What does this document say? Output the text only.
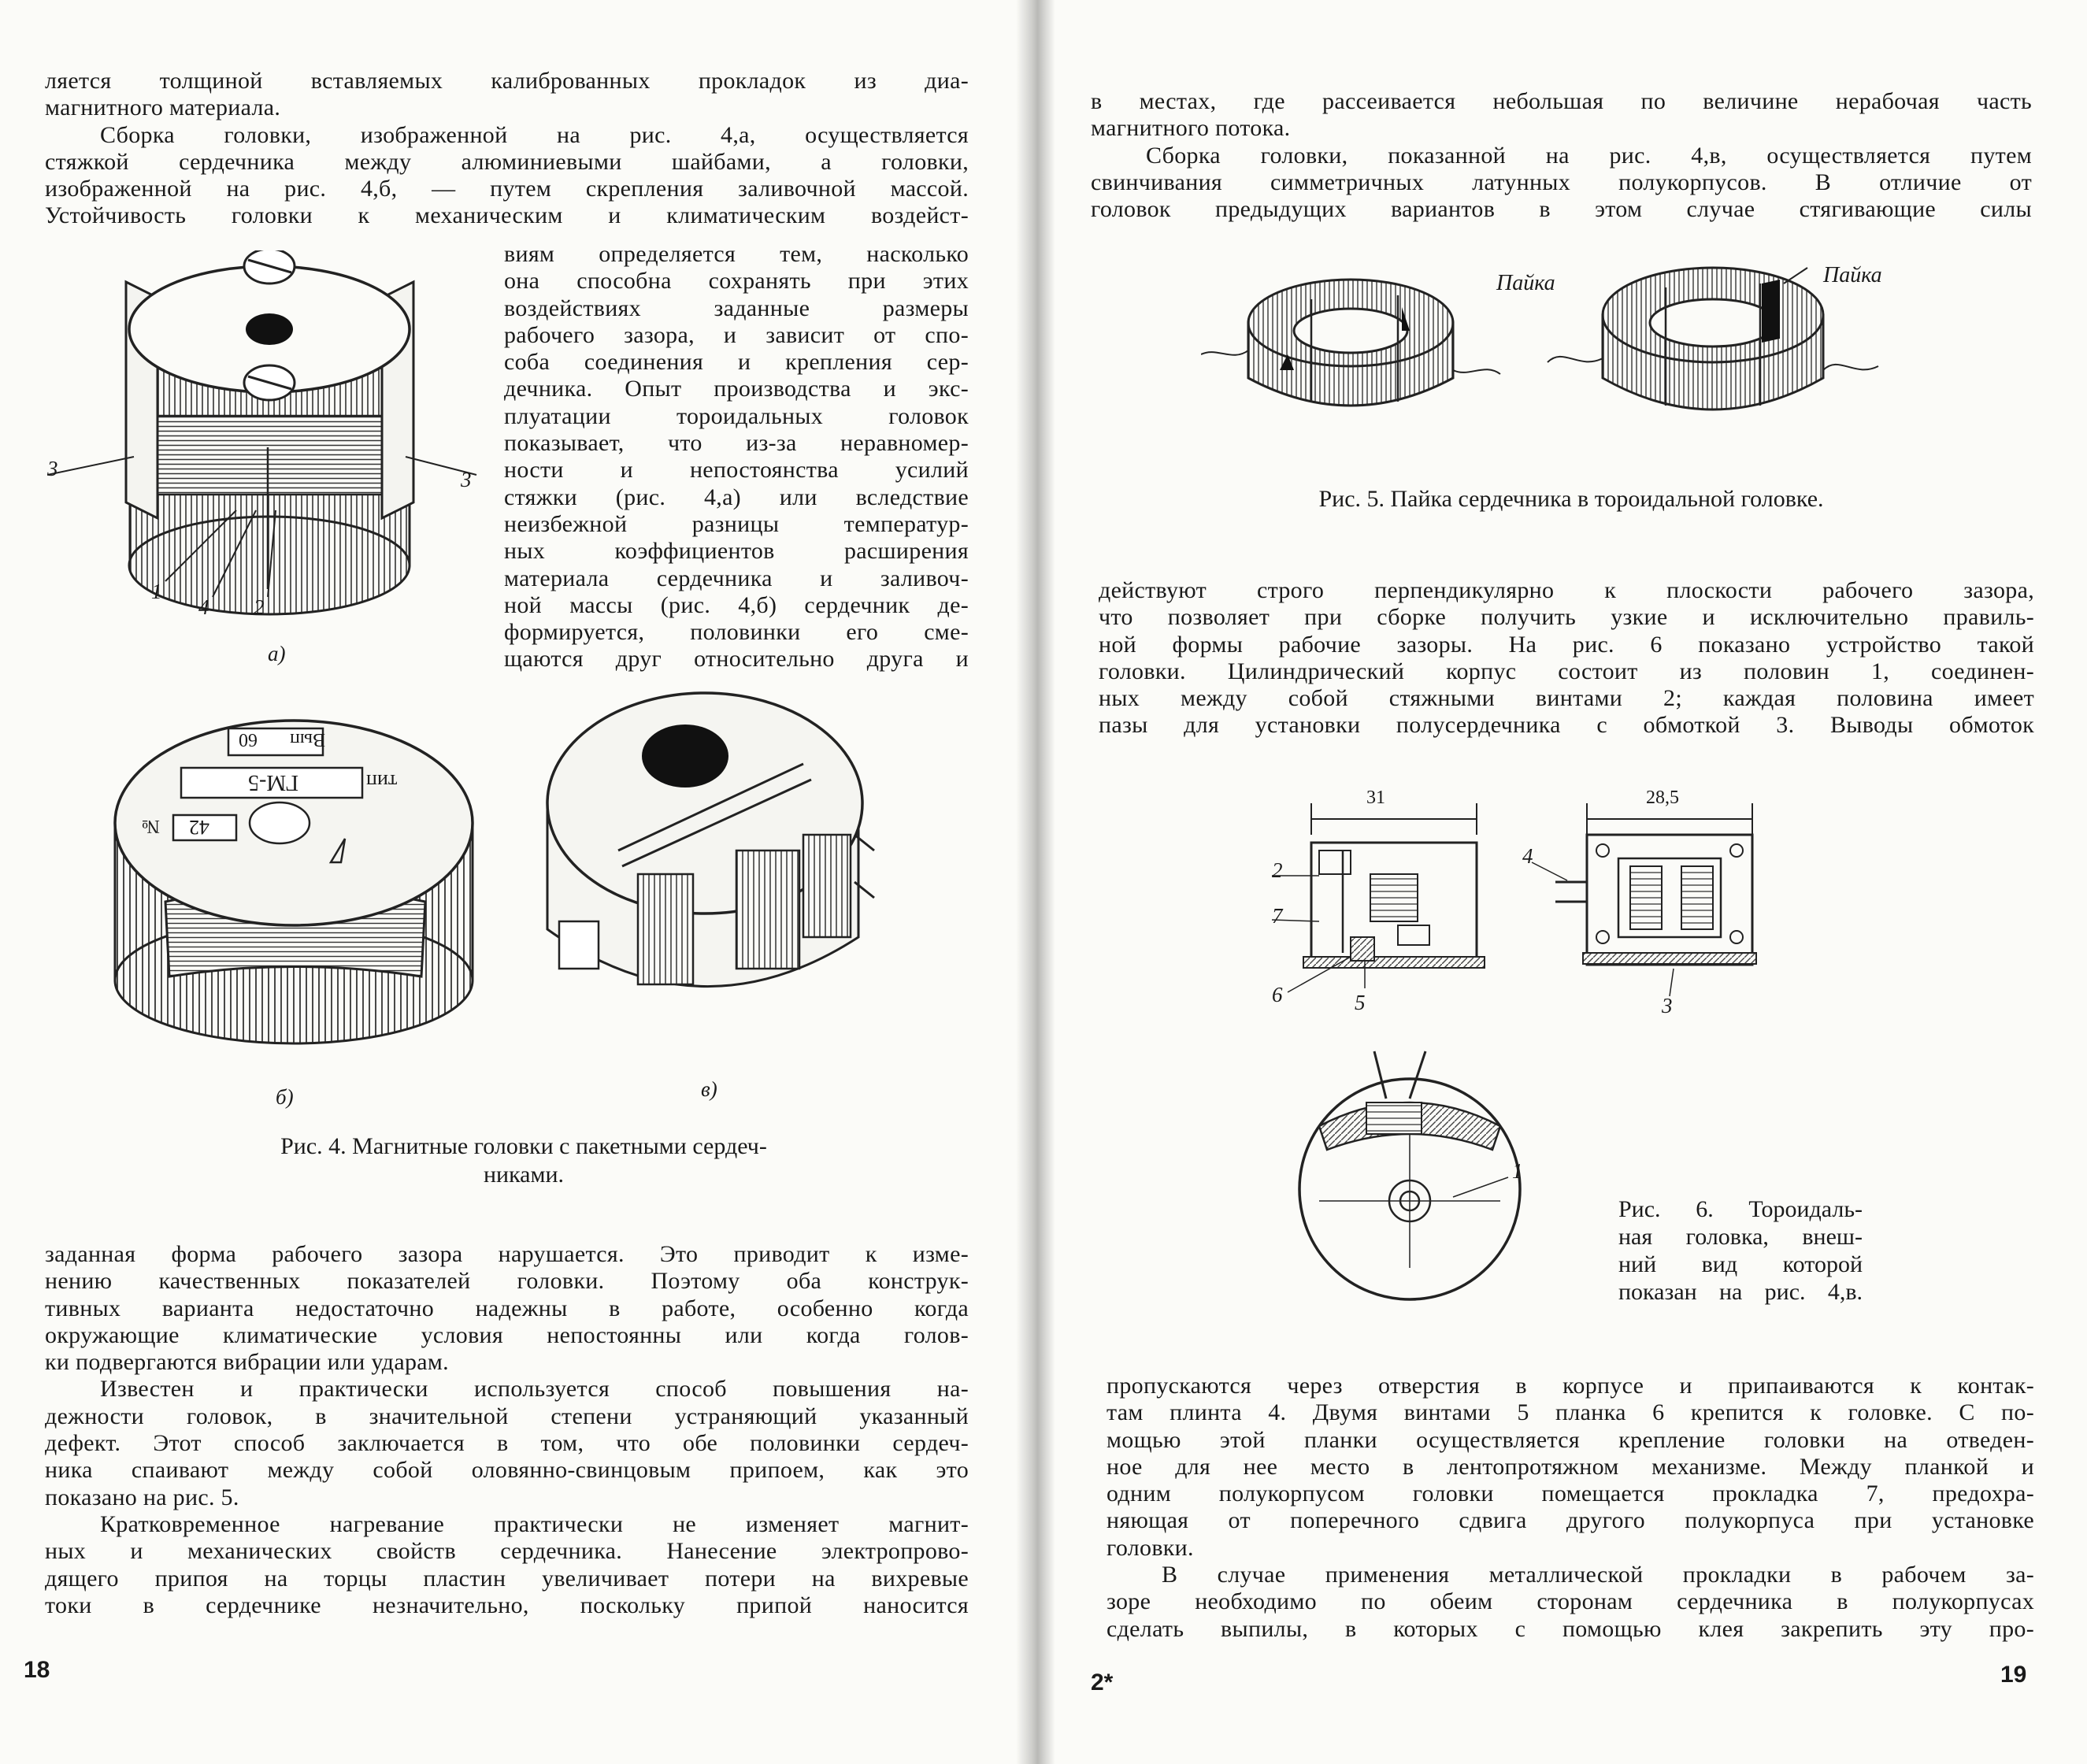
ляется толщиной вставляемых калиброванных прокладок из диа-

магнитного материала.

Сборка головки, изображенной на рис. 4,а, осуществляется

стяжкой сердечника между алюминиевыми шайбами, а головки,

изображенной на рис. 4,б, — путем скрепления заливочной массой.

Устойчивость головки к механическим и климатическим воздейст-

виям определяется тем, насколько

она способна сохранять при этих

воздействиях заданные размеры

рабочего зазора, и зависит от спо-

соба соединения и крепления сер-

дечника. Опыт производства и экс-

плуатации тороидальных головок

показывает, что из-за неравномер-

ности и непостоянства усилий

стяжки (рис. 4,а) или вследствие

неизбежной разницы температур-

ных коэффициентов расширения

материала сердечника и заливоч-

ной массы (рис. 4,б) сердечник де-

формируется, половинки его сме-

щаются друг относительно друга и

3	3
1
4 2
а)
Вып
60
ГМ-5	тип
42
№
б)	в)
Рис. 4. Магнитные головки с пакетными сердеч-
никами.

заданная форма рабочего зазора нарушается. Это приводит к изме-

нению качественных показателей головки. Поэтому оба конструк-

тивных варианта недостаточно надежны в работе, особенно когда

окружающие климатические условия непостоянны или когда голов-

ки подвергаются вибрации или ударам.

Известен и практически используется способ повышения на-

дежности головок, в значительной степени устраняющий указанный

дефект. Этот способ заключается в том, что обе половинки сердеч-

ника спаивают между собой оловянно-свинцовым припоем, как это

показано на рис. 5.

Кратковременное нагревание практически не изменяет магнит-

ных и механических свойств сердечника. Нанесение электропрово-

дящего припоя на торцы пластин увеличивает потери на вихревые

токи в сердечнике незначительно, поскольку припой наносится

18

в местах, где рассеивается небольшая по величине нерабочая часть

магнитного потока.

Сборка головки, показанной на рис. 4,в, осуществляется путем

свинчивания симметричных латунных полукорпусов. В отличие от

головок предыдущих вариантов в этом случае стягивающие силы

Пайка	Пайка
Рис. 5. Пайка сердечника в тороидальной головке.

действуют строго перпендикулярно к плоскости рабочего зазора,

что позволяет при сборке получить узкие и исключительно правиль-

ной формы рабочие зазоры. На рис. 6 показано устройство такой

головки. Цилиндрический корпус состоит из половин 1, соединен-

ных между собой стяжными винтами 2; каждая половина имеет

пазы для установки полусердечника с обмоткой 3. Выводы обмоток

31	28,5
2
7
6	5
4
3
1
Рис. 6. Тороидаль-
ная головка, внеш-
ний вид которой
показан на рис. 4,в.

пропускаются через отверстия в корпусе и припаиваются к контак-

там плинта 4. Двумя винтами 5 планка 6 крепится к головке. С по-

мощью этой планки осуществляется крепление головки на отведен-

ное для нее место в лентопротяжном механизме. Между планкой и

одним полукорпусом головки помещается прокладка 7, предохра-

няющая от поперечного сдвига другого полукорпуса при установке

головки.

В случае применения металлической прокладки в рабочем за-

зоре необходимо по обеим сторонам сердечника в полукорпусах

сделать выпилы, в которых с помощью клея закрепить эту про-

2*	19
